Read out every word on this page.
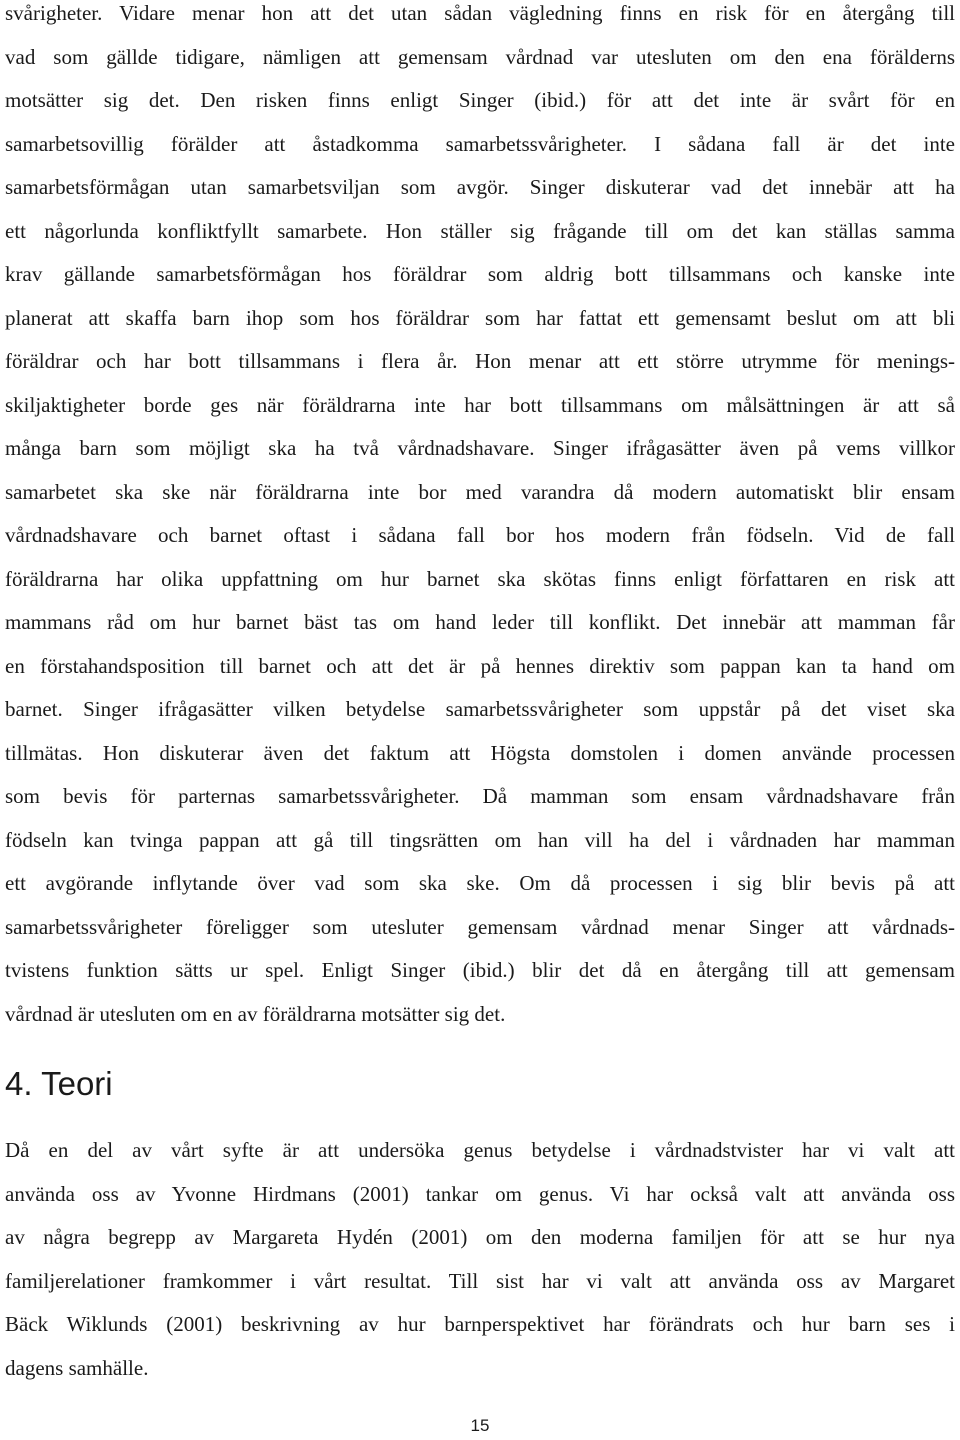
svårigheter. Vidare menar hon att det utan sådan vägledning finns en risk för en återgång till
vad som gällde tidigare, nämligen att gemensam vårdnad var utesluten om den ena förälderns
motsätter sig det. Den risken finns enligt Singer (ibid.) för att det inte är svårt för en
samarbetsovillig förälder att åstadkomma samarbetssvårigheter. I sådana fall är det inte
samarbetsförmågan utan samarbetsviljan som avgör. Singer diskuterar vad det innebär att ha
ett någorlunda konfliktfyllt samarbete. Hon ställer sig frågande till om det kan ställas samma
krav gällande samarbetsförmågan hos föräldrar som aldrig bott tillsammans och kanske inte
planerat att skaffa barn ihop som hos föräldrar som har fattat ett gemensamt beslut om att bli
föräldrar och har bott tillsammans i flera år. Hon menar att ett större utrymme för menings-
skiljaktigheter borde ges när föräldrarna inte har bott tillsammans om målsättningen är att så
många barn som möjligt ska ha två vårdnadshavare. Singer ifrågasätter även på vems villkor
samarbetet ska ske när föräldrarna inte bor med varandra då modern automatiskt blir ensam
vårdnadshavare och barnet oftast i sådana fall bor hos modern från födseln. Vid de fall
föräldrarna har olika uppfattning om hur barnet ska skötas finns enligt författaren en risk att
mammans råd om hur barnet bäst tas om hand leder till konflikt. Det innebär att mamman får
en förstahandsposition till barnet och att det är på hennes direktiv som pappan kan ta hand om
barnet. Singer ifrågasätter vilken betydelse samarbetssvårigheter som uppstår på det viset ska
tillmätas. Hon diskuterar även det faktum att Högsta domstolen i domen använde processen
som bevis för parternas samarbetssvårigheter. Då mamman som ensam vårdnadshavare från
födseln kan tvinga pappan att gå till tingsrätten om han vill ha del i vårdnaden har mamman
ett avgörande inflytande över vad som ska ske. Om då processen i sig blir bevis på att
samarbetssvårigheter föreligger som utesluter gemensam vårdnad menar Singer att vårdnads-
tvistens funktion sätts ur spel. Enligt Singer (ibid.) blir det då en återgång till att gemensam
vårdnad är utesluten om en av föräldrarna motsätter sig det.
4. Teori
Då en del av vårt syfte är att undersöka genus betydelse i vårdnadstvister har vi valt att
använda oss av Yvonne Hirdmans (2001) tankar om genus. Vi har också valt att använda oss
av några begrepp av Margareta Hydén (2001) om den moderna familjen för att se hur nya
familjerelationer framkommer i vårt resultat. Till sist har vi valt att använda oss av Margaret
Bäck Wiklunds (2001) beskrivning av hur barnperspektivet har förändrats och hur barn ses i
dagens samhälle.
15
